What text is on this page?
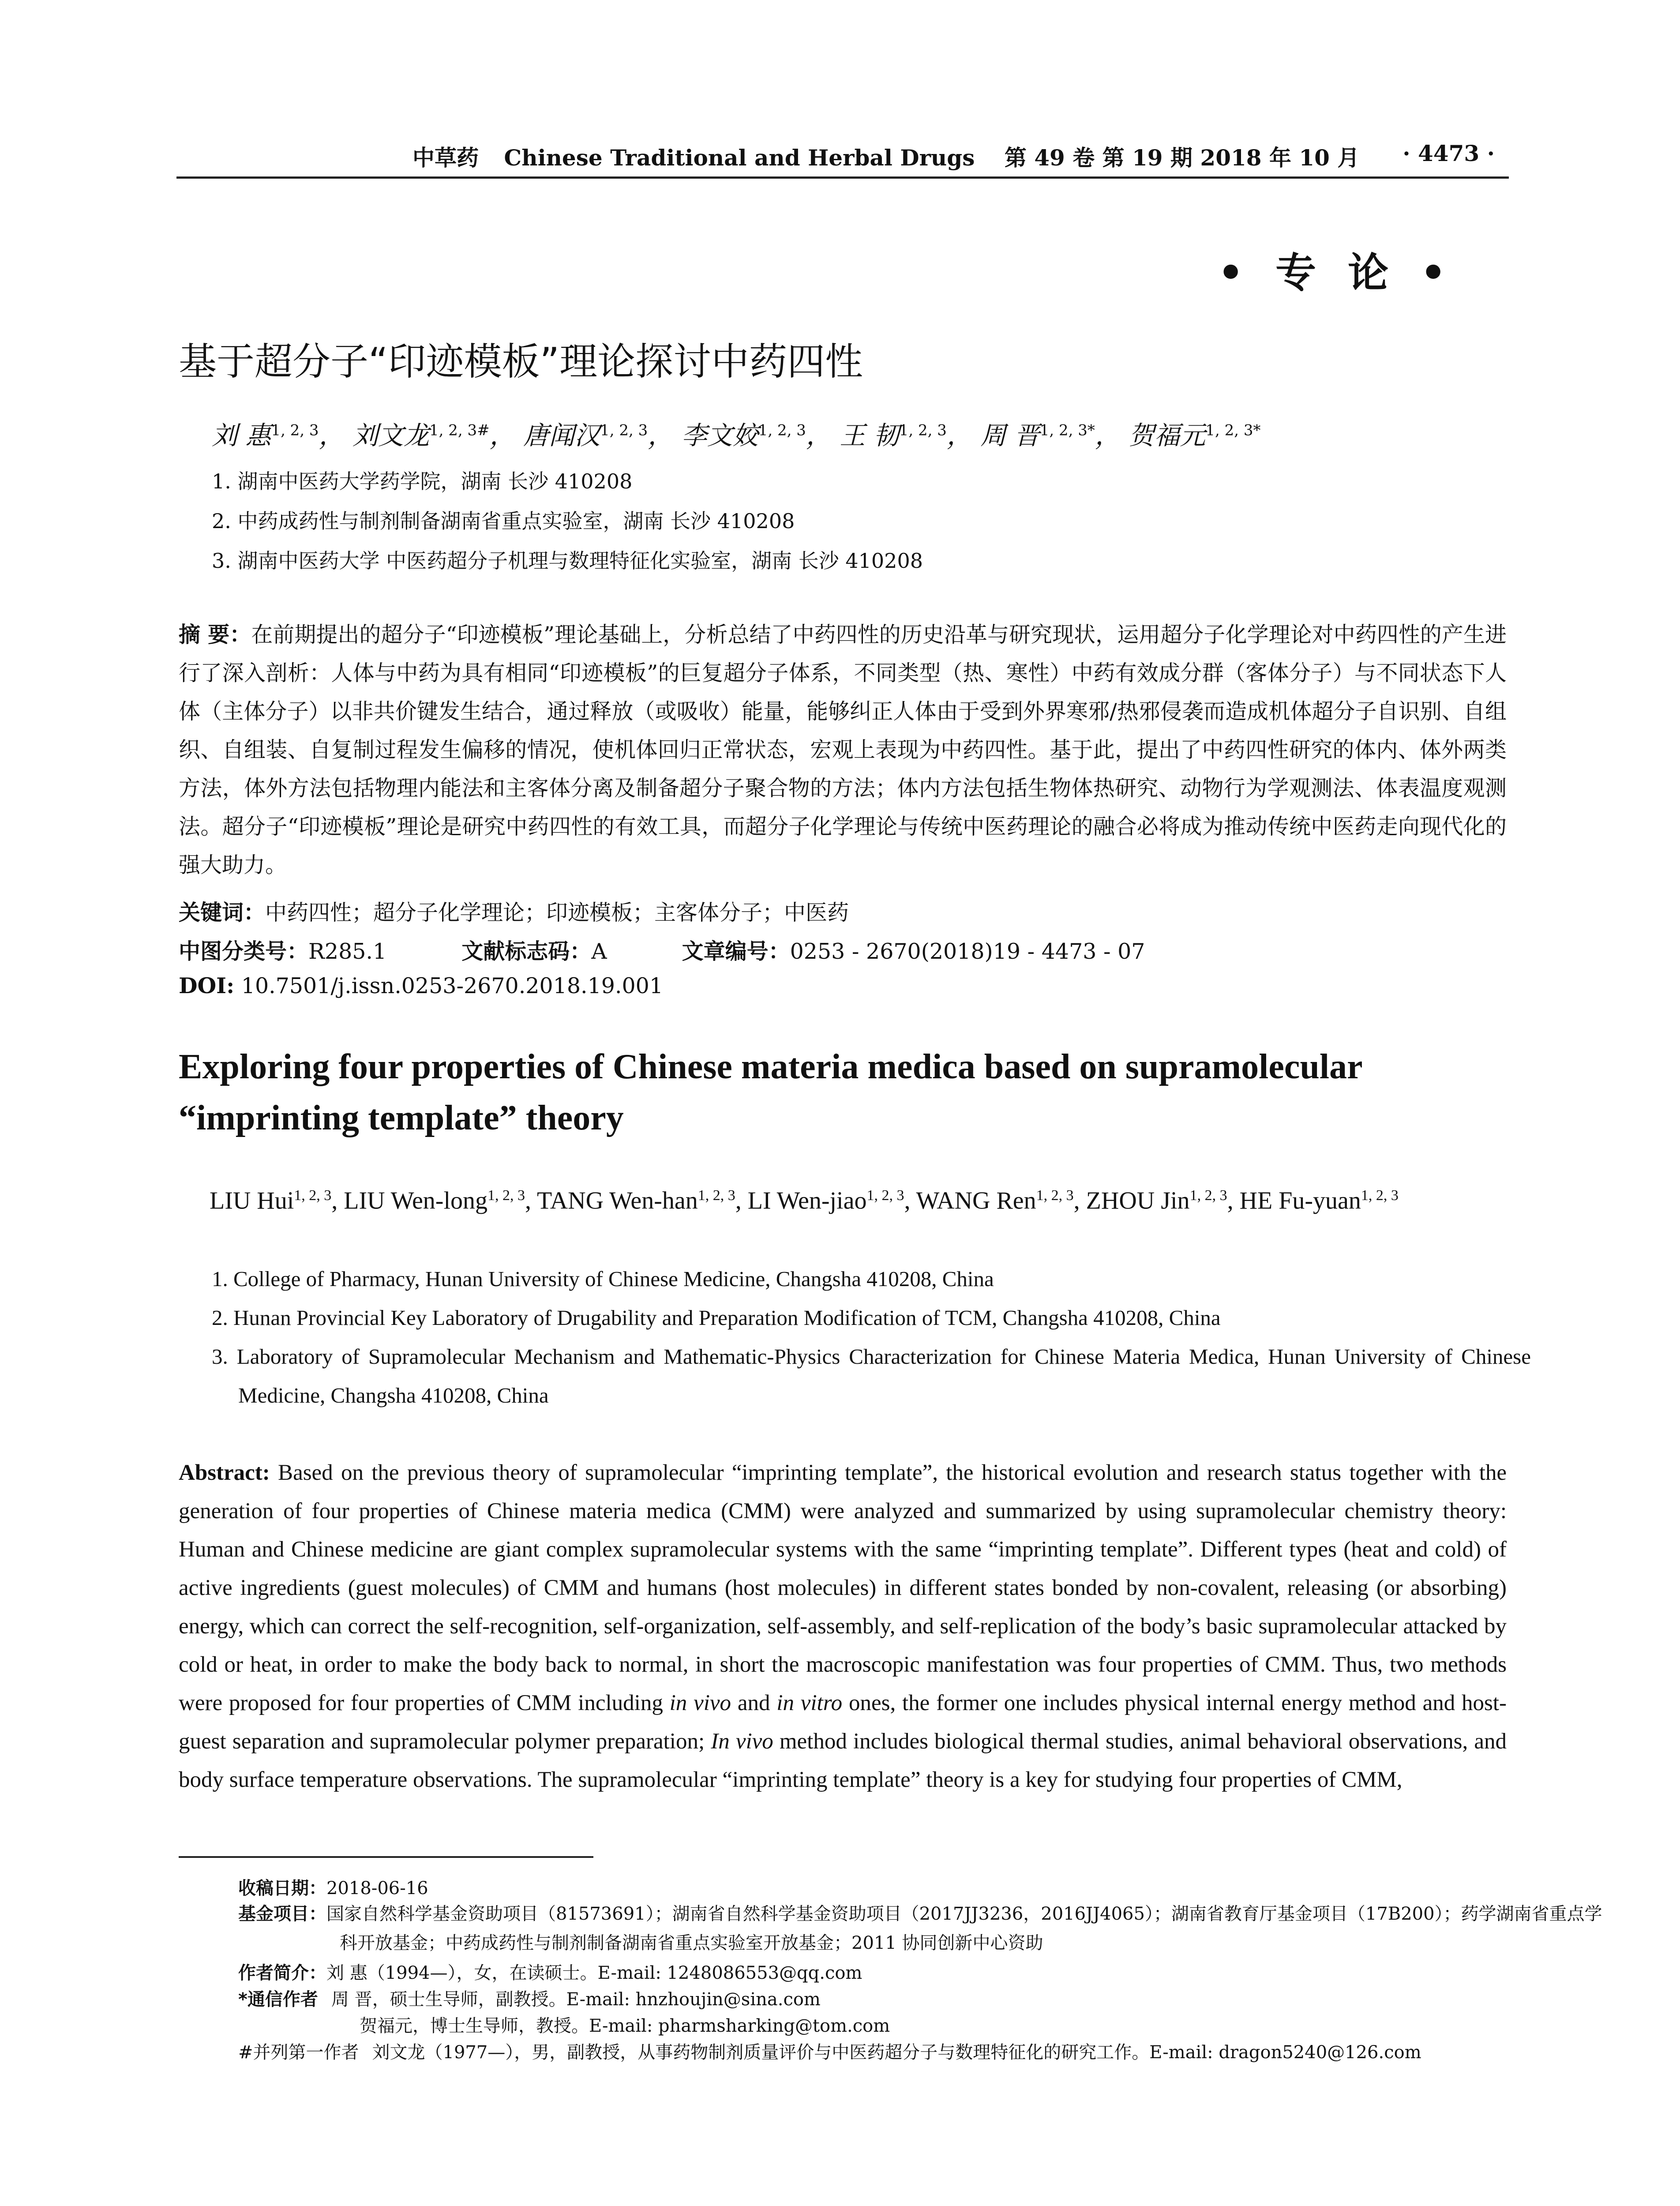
中草药 Chinese Traditional and Herbal Drugs 第 49 卷 第 19 期 2018 年 10 月 · 4473 ·
• 专 论 •
基于超分子“印迹模板”理论探讨中药四性
刘 惠$^{1, 2, 3}$， 刘文龙$^{1, 2, 3\#}$， 唐闻汉$^{1, 2, 3}$， 李文姣$^{1, 2, 3}$， 王 韧$^{1, 2, 3}$， 周 晋$^{1, 2, 3*}$， 贺福元$^{1, 2, 3*}$
1. 湖南中医药大学药学院，湖南 长沙 410208
2. 中药成药性与制剂制备湖南省重点实验室，湖南 长沙 410208
3. 湖南中医药大学 中医药超分子机理与数理特征化实验室，湖南 长沙 410208
摘 要：在前期提出的超分子“印迹模板”理论基础上，分析总结了中药四性的历史沿革与研究现状，运用超分子化学理论对中药四性的产生进行了深入剖析：人体与中药为具有相同“印迹模板”的巨复超分子体系，不同类型（热、寒性）中药有效成分群（客体分子）与不同状态下人体（主体分子）以非共价键发生结合，通过释放（或吸收）能量，能够纠正人体由于受到外界寒邪/热邪侵袭而造成机体超分子自识别、自组织、自组装、自复制过程发生偏移的情况，使机体回归正常状态，宏观上表现为中药四性。基于此，提出了中药四性研究的体内、体外两类方法，体外方法包括物理内能法和主客体分离及制备超分子聚合物的方法；体内方法包括生物体热研究、动物行为学观测法、体表温度观测法。超分子“印迹模板”理论是研究中药四性的有效工具，而超分子化学理论与传统中医药理论的融合必将成为推动传统中医药走向现代化的强大助力。
关键词：中药四性；超分子化学理论；印迹模板；主客体分子；中医药
中图分类号：R285.1	文献标志码：A	文章编号：0253 - 2670(2018)19 - 4473 - 07
DOI: 10.7501/j.issn.0253-2670.2018.19.001
Exploring four properties of Chinese materia medica based on supramolecular “imprinting template” theory
LIU Hui$^{1, 2, 3}$, LIU Wen-long$^{1, 2, 3}$, TANG Wen-han$^{1, 2, 3}$, LI Wen-jiao$^{1, 2, 3}$, WANG Ren$^{1, 2, 3}$, ZHOU Jin$^{1, 2, 3}$, HE Fu-yuan$^{1, 2, 3}$
1. College of Pharmacy, Hunan University of Chinese Medicine, Changsha 410208, China
2. Hunan Provincial Key Laboratory of Drugability and Preparation Modification of TCM, Changsha 410208, China
3. Laboratory of Supramolecular Mechanism and Mathematic-Physics Characterization for Chinese Materia Medica, Hunan University of Chinese Medicine, Changsha 410208, China
Abstract: Based on the previous theory of supramolecular “imprinting template”, the historical evolution and research status together with the generation of four properties of Chinese materia medica (CMM) were analyzed and summarized by using supramolecular chemistry theory: Human and Chinese medicine are giant complex supramolecular systems with the same “imprinting template”. Different types (heat and cold) of active ingredients (guest molecules) of CMM and humans (host molecules) in different states bonded by non-covalent, releasing (or absorbing) energy, which can correct the self-recognition, self-organization, self-assembly, and self-replication of the body’s basic supramolecular attacked by cold or heat, in order to make the body back to normal, in short the macroscopic manifestation was four properties of CMM. Thus, two methods were proposed for four properties of CMM including in vivo and in vitro ones, the former one includes physical internal energy method and host-guest separation and supramolecular polymer preparation; In vivo method includes biological thermal studies, animal behavioral observations, and body surface temperature observations. The supramolecular “imprinting template” theory is a key for studying four properties of CMM,
收稿日期：2018-06-16
基金项目：国家自然科学基金资助项目（81573691）；湖南省自然科学基金资助项目（2017JJ3236，2016JJ4065）；湖南省教育厅基金项目（17B200）；药学湖南省重点学科开放基金；中药成药性与制剂制备湖南省重点实验室开放基金；2011 协同创新中心资助
作者简介：刘 惠（1994—），女，在读硕士。E-mail: 1248086553@qq.com
*通信作者 周 晋，硕士生导师，副教授。E-mail: hnzhoujin@sina.com
贺福元，博士生导师，教授。E-mail: pharmsharking@tom.com
#并列第一作者 刘文龙（1977—），男，副教授，从事药物制剂质量评价与中医药超分子与数理特征化的研究工作。E-mail: dragon5240@126.com
